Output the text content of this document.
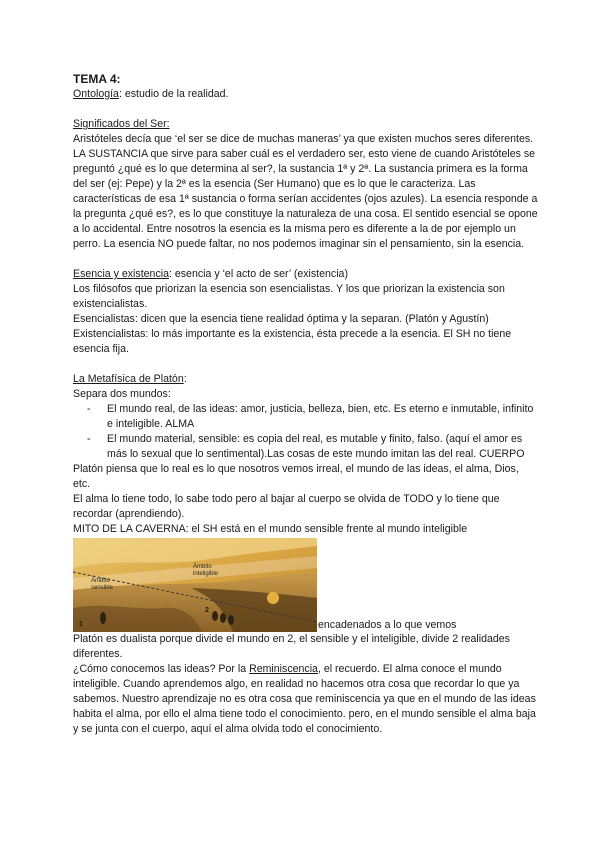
TEMA 4:

Ontología: estudio de la realidad.

Significados del Ser:

Aristóteles decía que ‘el ser se dice de muchas maneras’ ya que existen muchos seres diferentes. LA SUSTANCIA que sirve para saber cuál es el verdadero ser, esto viene de cuando Aristóteles se preguntó ¿qué es lo que determina al ser?, la sustancia 1ª y 2ª. La sustancia primera es la forma del ser (ej: Pepe) y la 2ª es la esencia (Ser Humano) que es lo que le caracteriza. Las características de esa 1ª sustancia o forma serían accidentes (ojos azules). La esencia responde a la pregunta ¿qué es?, es lo que constituye la naturaleza de una cosa. El sentido esencial se opone a lo accidental. Entre nosotros la esencia es la misma pero es diferente a la de por ejemplo un perro. La esencia NO puede faltar, no nos podemos imaginar sin el pensamiento, sin la esencia.

Esencia y existencia: esencia y ‘el acto de ser’ (existencia)

Los filósofos que priorizan la esencia son esencialistas. Y los que priorizan la existencia son existencialistas.

Esencialistas: dicen que la esencia tiene realidad óptima y la separan. (Platón y Agustín)

Existencialistas: lo más importante es la existencia, ésta precede a la esencia. El SH no tiene esencia fija.

La Metafísica de Platón:

Separa dos mundos:

- El mundo real, de las ideas: amor, justicia, belleza, bien, etc. Es eterno e inmutable, infinito e inteligible. ALMA
- El mundo material, sensible: es copia del real, es mutable y finito, falso. (aquí el amor es más lo sexual que lo sentimental).Las cosas de este mundo imitan las del real. CUERPO

Platón piensa que lo real es lo que nosotros vemos irreal, el mundo de las ideas, el alma, Dios, etc.

El alma lo tiene todo, lo sabe todo pero al bajar al cuerpo se olvida de TODO y lo tiene que recordar (aprendiendo).

MITO DE LA CAVERNA: el SH está en el mundo sensible frente al mundo inteligible

Ámbito
sensible
Ámbito
inteligible
1
2
encadenados a lo que vemos

Platón es dualista porque divide el mundo en 2, el sensible y el inteligible, divide 2 realidades diferentes.

¿Cómo conocemos las ideas? Por la Reminiscencia, el recuerdo. El alma conoce el mundo inteligible. Cuando aprendemos algo, en realidad no hacemos otra cosa que recordar lo que ya sabemos. Nuestro aprendizaje no es otra cosa que reminiscencia ya que en el mundo de las ideas habita el alma, por ello el alma tiene todo el conocimiento. pero, en el mundo sensible el alma baja y se junta con el cuerpo, aquí el alma olvida todo el conocimiento.
